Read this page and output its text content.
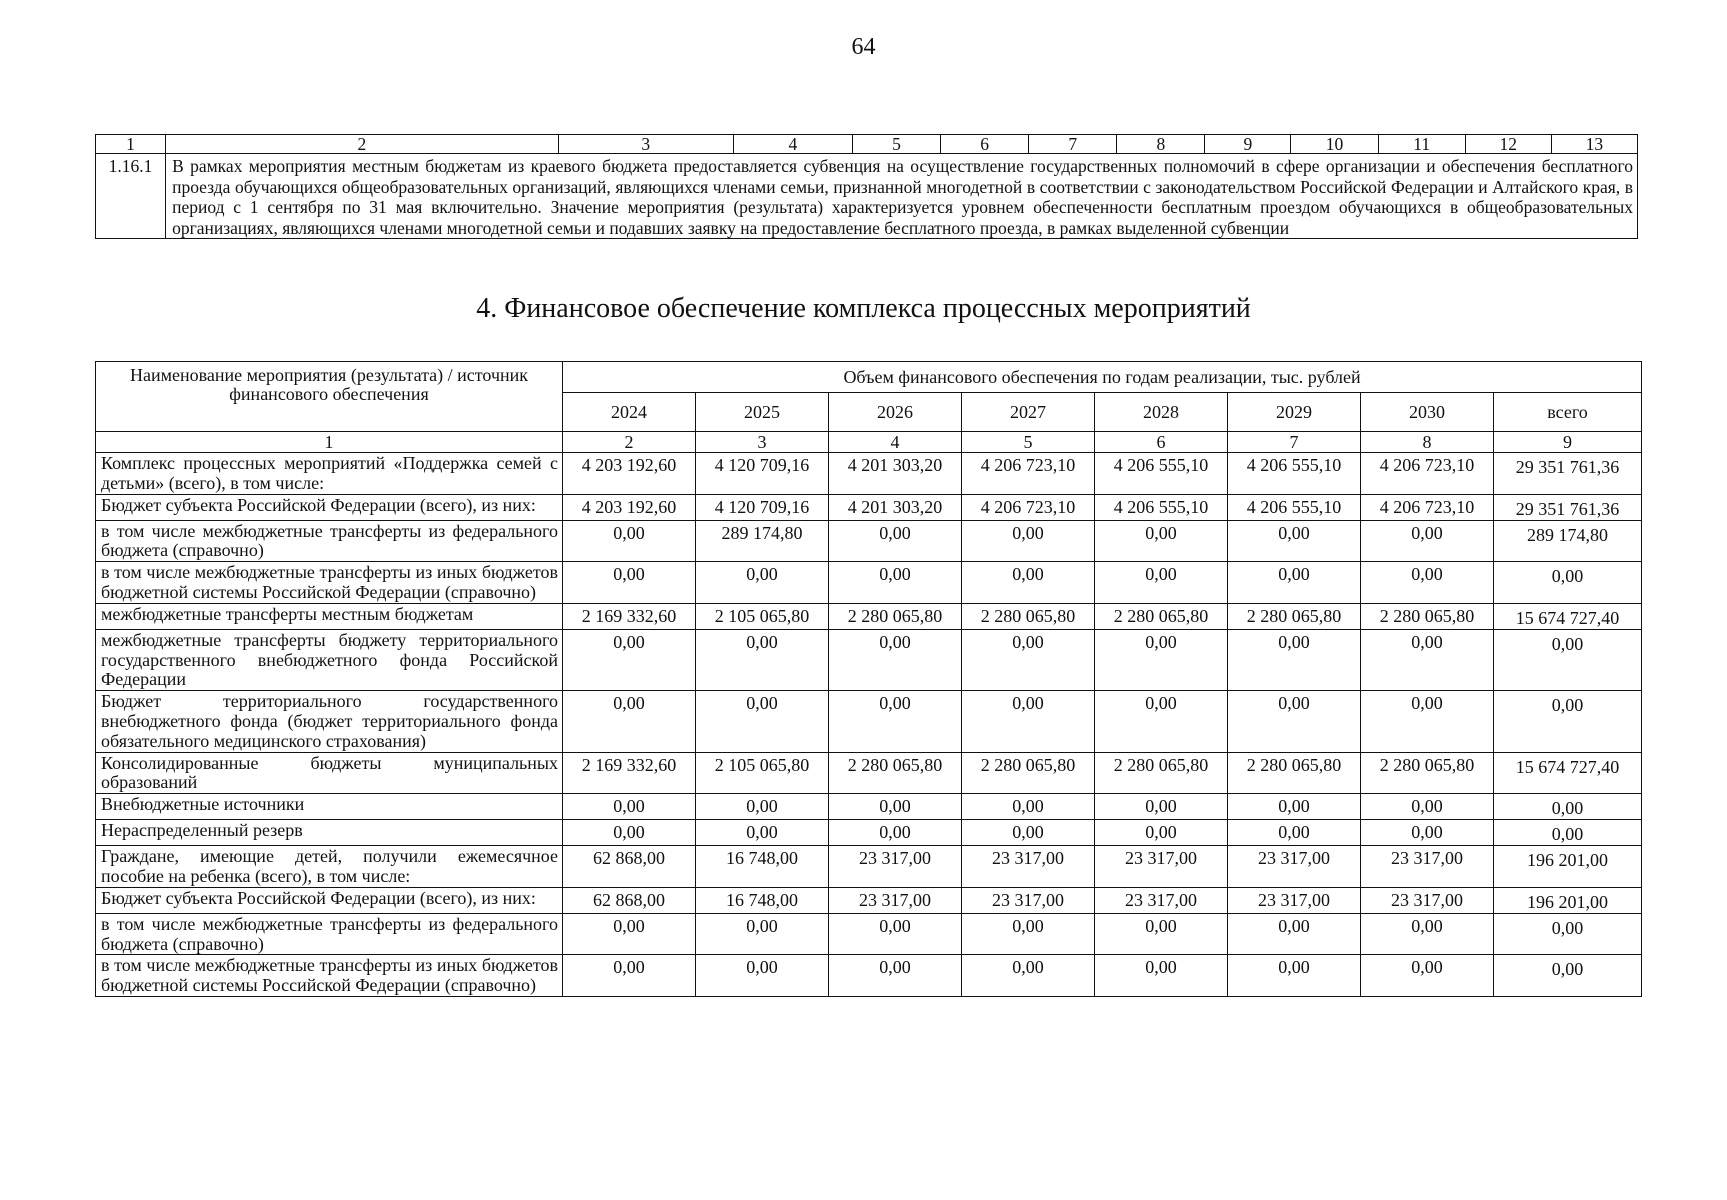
64
1	2	3	4	5	6	7	8	9	10	11	12	13
1.16.1	В рамках мероприятия местным бюджетам из краевого бюджета предоставляется субвенция на осуществление государственных полномочий в сфере организации и обеспечения бесплатного проезда обучающихся общеобразовательных организаций, являющихся членами семьи, признанной многодетной в соответствии с законодательством Российской Федерации и Алтайского края, в период с 1 сентября по 31 мая включительно. Значение мероприятия (результата) характеризуется уровнем обеспеченности бесплатным проездом обучающихся в общеобразовательных организациях, являющихся членами многодетной семьи и подавших заявку на предоставление бесплатного проезда, в рамках выделенной субвенции											
4. Финансовое обеспечение комплекса процессных мероприятий
Наименование мероприятия (результата) / источник финансового обеспечения	Объем финансового обеспечения по годам реализации, тыс. рублей							
	2024	2025	2026	2027	2028	2029	2030	всего
1	2	3	4	5	6	7	8	9
Комплекс процессных мероприятий «Поддержка семей с детьми» (всего), в том числе:	4 203 192,60	4 120 709,16	4 201 303,20	4 206 723,10	4 206 555,10	4 206 555,10	4 206 723,10	29 351 761,36
Бюджет субъекта Российской Федерации (всего), из них:	4 203 192,60	4 120 709,16	4 201 303,20	4 206 723,10	4 206 555,10	4 206 555,10	4 206 723,10	29 351 761,36
в том числе межбюджетные трансферты из федерального бюджета (справочно)	0,00	289 174,80	0,00	0,00	0,00	0,00	0,00	289 174,80
в том числе межбюджетные трансферты из иных бюджетов бюджетной системы Российской Федерации (справочно)	0,00	0,00	0,00	0,00	0,00	0,00	0,00	0,00
межбюджетные трансферты местным бюджетам	2 169 332,60	2 105 065,80	2 280 065,80	2 280 065,80	2 280 065,80	2 280 065,80	2 280 065,80	15 674 727,40
межбюджетные трансферты бюджету территориального государственного внебюджетного фонда Российской Федерации	0,00	0,00	0,00	0,00	0,00	0,00	0,00	0,00
Бюджет территориального государственного внебюджетного фонда (бюджет территориального фонда обязательного медицинского страхования)	0,00	0,00	0,00	0,00	0,00	0,00	0,00	0,00
Консолидированные бюджеты муниципальных образований	2 169 332,60	2 105 065,80	2 280 065,80	2 280 065,80	2 280 065,80	2 280 065,80	2 280 065,80	15 674 727,40
Внебюджетные источники	0,00	0,00	0,00	0,00	0,00	0,00	0,00	0,00
Нераспределенный резерв	0,00	0,00	0,00	0,00	0,00	0,00	0,00	0,00
Граждане, имеющие детей, получили ежемесячное пособие на ребенка (всего), в том числе:	62 868,00	16 748,00	23 317,00	23 317,00	23 317,00	23 317,00	23 317,00	196 201,00
Бюджет субъекта Российской Федерации (всего), из них:	62 868,00	16 748,00	23 317,00	23 317,00	23 317,00	23 317,00	23 317,00	196 201,00
в том числе межбюджетные трансферты из федерального бюджета (справочно)	0,00	0,00	0,00	0,00	0,00	0,00	0,00	0,00
в том числе межбюджетные трансферты из иных бюджетов бюджетной системы Российской Федерации (справочно)	0,00	0,00	0,00	0,00	0,00	0,00	0,00	0,00
